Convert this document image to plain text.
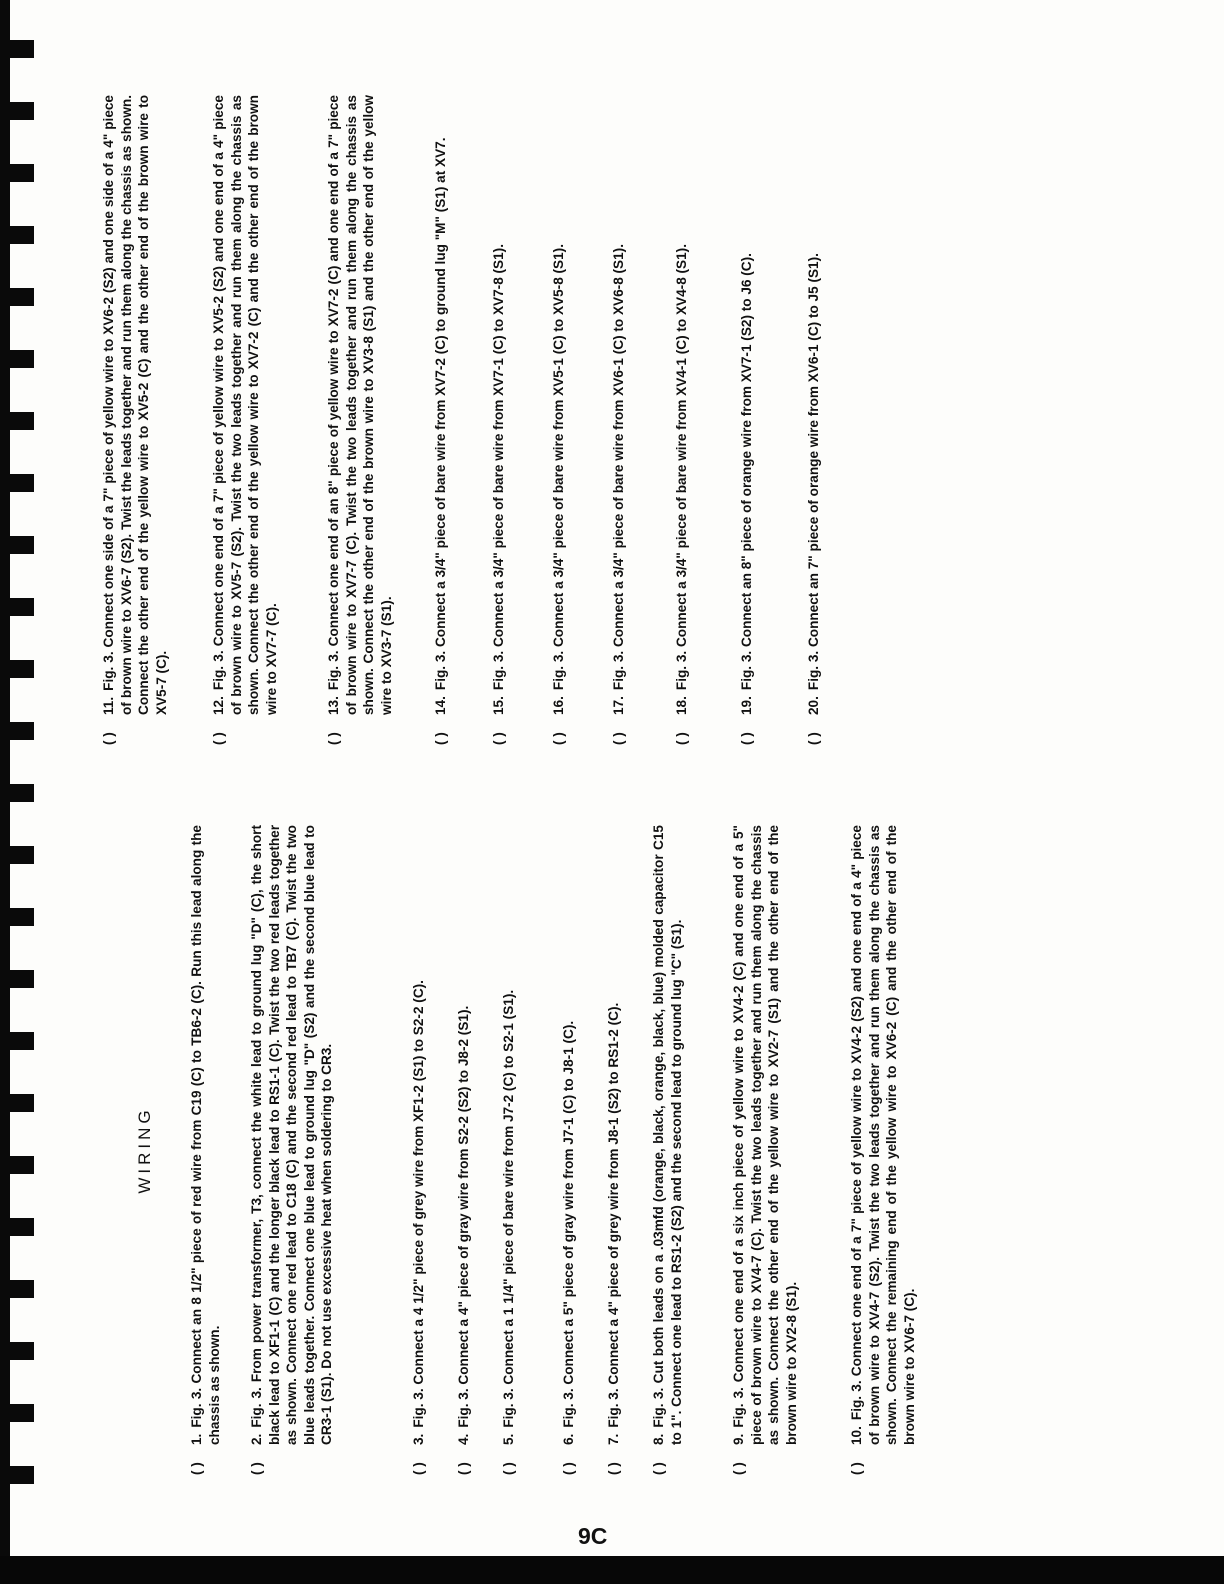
9C
WIRING
( )
1.Fig. 3. Connect an 8 1/2" piece of red wire from C19 (C) to TB6-2 (C). Run this lead along the chassis as shown.
( )
2.Fig. 3. From power transformer, T3, connect the white lead to ground lug "D" (C), the short black lead to XF1-1 (C) and the longer black lead to RS1-1 (C). Twist the two red leads together as shown. Connect one red lead to C18 (C) and the second red lead to TB7 (C). Twist the two blue leads together. Connect one blue lead to ground lug "D" (S2) and the second blue lead to CR3-1 (S1). Do not use excessive heat when soldering to CR3.
( )
3.Fig. 3. Connect a 4 1/2" piece of grey wire from XF1-2 (S1) to S2-2 (C).
( )
4.Fig. 3. Connect a 4" piece of gray wire from S2-2 (S2) to J8-2 (S1).
( )
5.Fig. 3. Connect a 1 1/4" piece of bare wire from J7-2 (C) to S2-1 (S1).
( )
6.Fig. 3. Connect a 5" piece of gray wire from J7-1 (C) to J8-1 (C).
( )
7.Fig. 3. Connect a 4" piece of grey wire from J8-1 (S2) to RS1-2 (C).
( )
8.Fig. 3. Cut both leads on a .03mfd (orange, black, orange, black, blue) molded capacitor C15 to 1". Connect one lead to RS1-2 (S2) and the second lead to ground lug "C" (S1).
( )
9.Fig. 3. Connect one end of a six inch piece of yellow wire to XV4-2 (C) and one end of a 5" piece of brown wire to XV4-7 (C). Twist the two leads together and run them along the chassis as shown. Connect the other end of the yellow wire to XV2-7 (S1) and the other end of the brown wire to XV2-8 (S1).
( )
10.Fig. 3. Connect one end of a 7" piece of yellow wire to XV4-2 (S2) and one end of a 4" piece of brown wire to XV4-7 (S2). Twist the two leads together and run them along the chassis as shown. Connect the remaining end of the yellow wire to XV6-2 (C) and the other end of the brown wire to XV6-7 (C).
( )
11.Fig. 3. Connect one side of a 7" piece of yellow wire to XV6-2 (S2) and one side of a 4" piece of brown wire to XV6-7 (S2). Twist the leads together and run them along the chassis as shown. Connect the other end of the yellow wire to XV5-2 (C) and the other end of the brown wire to XV5-7 (C).
( )
12.Fig. 3. Connect one end of a 7" piece of yellow wire to XV5-2 (S2) and one end of a 4" piece of brown wire to XV5-7 (S2). Twist the two leads together and run them along the chassis as shown. Connect the other end of the yellow wire to XV7-2 (C) and the other end of the brown wire to XV7-7 (C).
( )
13.Fig. 3. Connect one end of an 8" piece of yellow wire to XV7-2 (C) and one end of a 7" piece of brown wire to XV7-7 (C). Twist the two leads together and run them along the chassis as shown. Connect the other end of the brown wire to XV3-8 (S1) and the other end of the yellow wire to XV3-7 (S1).
( )
14.Fig. 3. Connect a 3/4" piece of bare wire from XV7-2 (C) to ground lug "M" (S1) at XV7.
( )
15.Fig. 3. Connect a 3/4" piece of bare wire from XV7-1 (C) to XV7-8 (S1).
( )
16.Fig. 3. Connect a 3/4" piece of bare wire from XV5-1 (C) to XV5-8 (S1).
( )
17.Fig. 3. Connect a 3/4" piece of bare wire from XV6-1 (C) to XV6-8 (S1).
( )
18.Fig. 3. Connect a 3/4" piece of bare wire from XV4-1 (C) to XV4-8 (S1).
( )
19.Fig. 3. Connect an 8" piece of orange wire from XV7-1 (S2) to J6 (C).
( )
20.Fig. 3. Connect an 7" piece of orange wire from XV6-1 (C) to J5 (S1).
